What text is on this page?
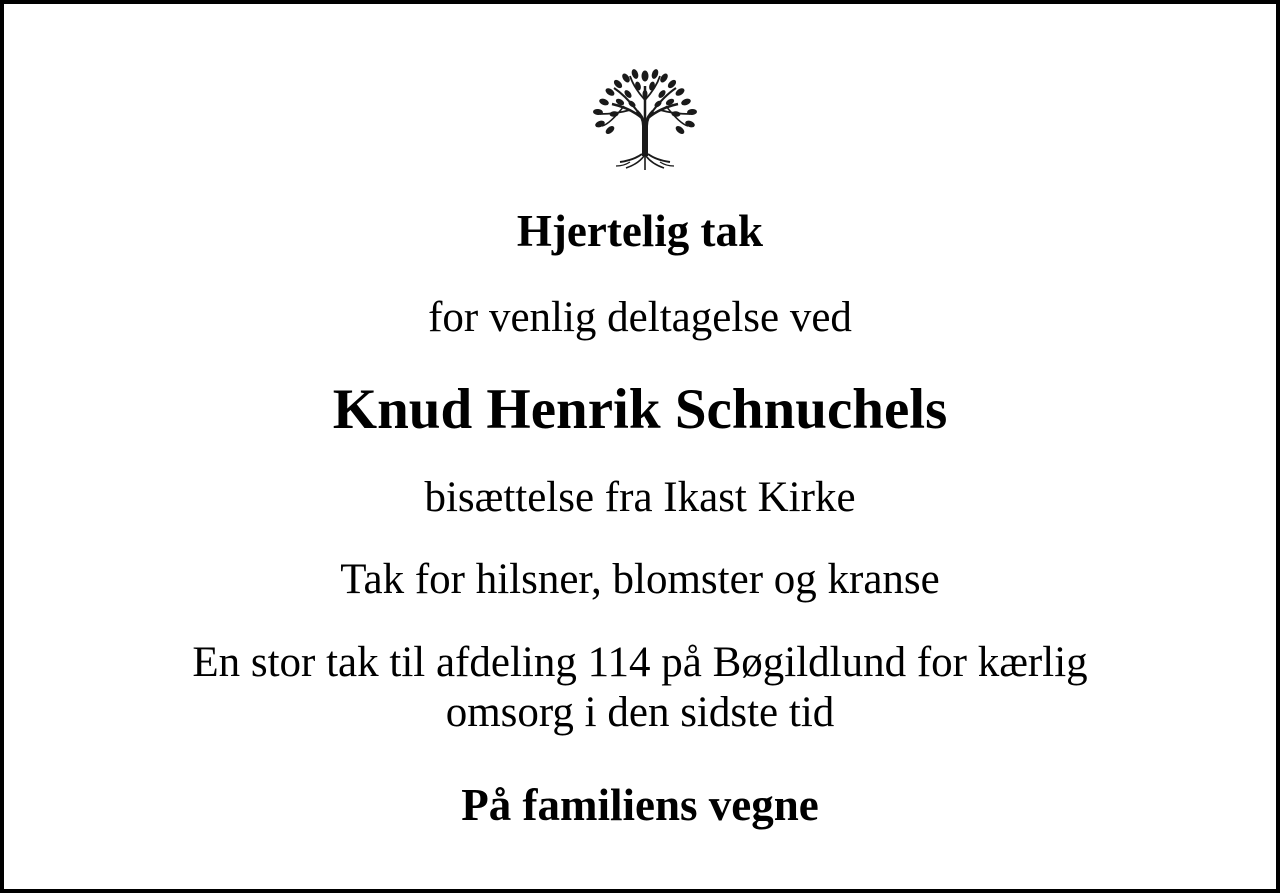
Hjertelig tak

for venlig deltagelse ved

Knud Henrik Schnuchels

bisættelse fra Ikast Kirke

Tak for hilsner, blomster og kranse

En stor tak til afdeling 114 på Bøgildlund for kærlig
omsorg i den sidste tid

På familiens vegne
